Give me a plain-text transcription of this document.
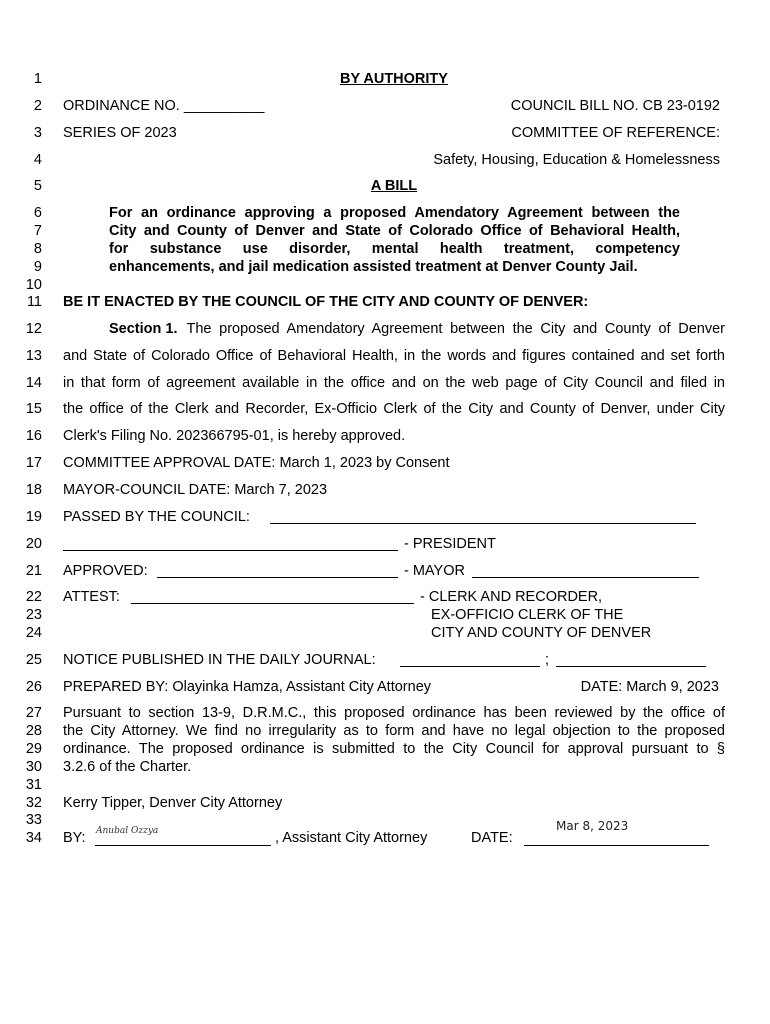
1
2
3
4
5
6
7
8
9
10
11
12
13
14
15
16
17
18
19
20
21
22
23
24
25
26
27
28
29
30
31
32
33
34
BY AUTHORITY
ORDINANCE NO. __________	COUNCIL BILL NO. CB 23-0192
SERIES OF 2023	COMMITTEE OF REFERENCE:
Safety, Housing, Education & Homelessness
A BILL
For an ordinance approving a proposed Amendatory Agreement between the
City and County of Denver and State of Colorado Office of Behavioral Health,
for substance use disorder, mental health treatment, competency
enhancements, and jail medication assisted treatment at Denver County Jail.
BE IT ENACTED BY THE COUNCIL OF THE CITY AND COUNTY OF DENVER:
Section 1. The proposed Amendatory Agreement between the City and County of Denver
and State of Colorado Office of Behavioral Health, in the words and figures contained and set forth
in that form of agreement available in the office and on the web page of City Council and filed in
the office of the Clerk and Recorder, Ex-Officio Clerk of the City and County of Denver, under City
Clerk's Filing No. 202366795-01, is hereby approved.
COMMITTEE APPROVAL DATE: March 1, 2023 by Consent
MAYOR-COUNCIL DATE: March 7, 2023
PASSED BY THE COUNCIL:
- PRESIDENT
APPROVED:	- MAYOR
ATTEST:	- CLERK AND RECORDER,
EX-OFFICIO CLERK OF THE
CITY AND COUNTY OF DENVER
NOTICE PUBLISHED IN THE DAILY JOURNAL:	;
PREPARED BY: Olayinka Hamza, Assistant City Attorney	DATE: March 9, 2023
Pursuant to section 13-9, D.R.M.C., this proposed ordinance has been reviewed by the office of
the City Attorney. We find no irregularity as to form and have no legal objection to the proposed
ordinance. The proposed ordinance is submitted to the City Council for approval pursuant to §
3.2.6 of the Charter.
Kerry Tipper, Denver City Attorney
BY: Anubal Ozzya	, Assistant City Attorney	DATE:
Mar 8, 2023
